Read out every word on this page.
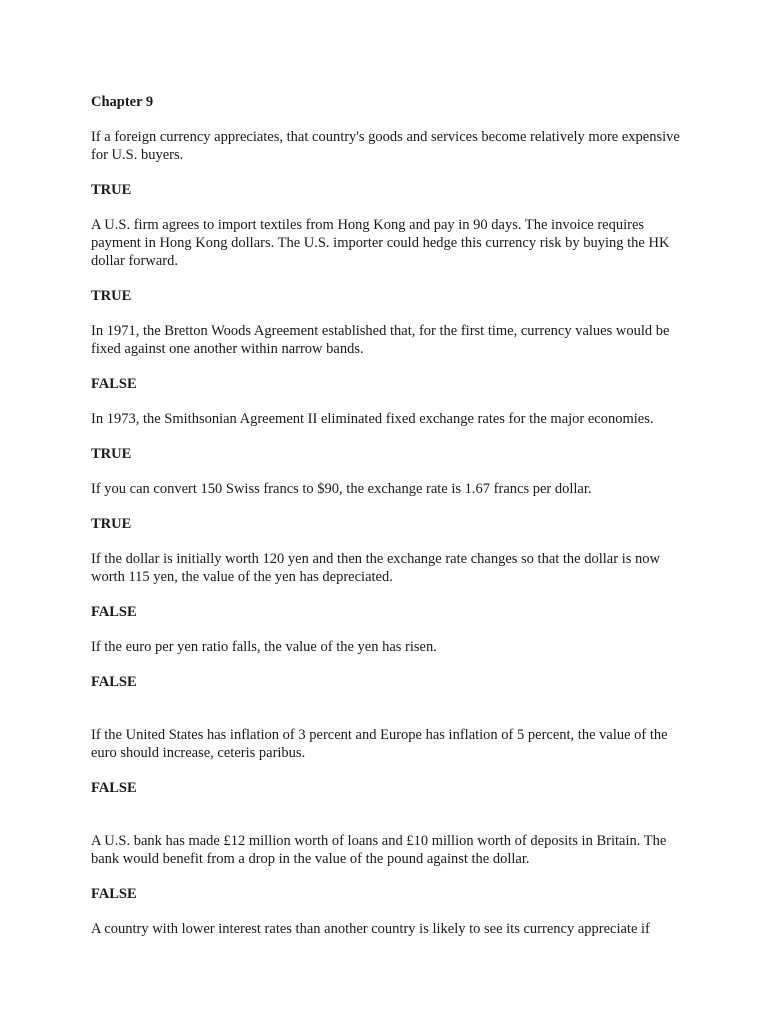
Chapter 9

If a foreign currency appreciates, that country's goods and services become relatively more expensive for U.S. buyers.

TRUE

A U.S. firm agrees to import textiles from Hong Kong and pay in 90 days. The invoice requires payment in Hong Kong dollars. The U.S. importer could hedge this currency risk by buying the HK dollar forward.

TRUE

In 1971, the Bretton Woods Agreement established that, for the first time, currency values would be fixed against one another within narrow bands.

FALSE

In 1973, the Smithsonian Agreement II eliminated fixed exchange rates for the major economies.

TRUE

If you can convert 150 Swiss francs to $90, the exchange rate is 1.67 francs per dollar.

TRUE

If the dollar is initially worth 120 yen and then the exchange rate changes so that the dollar is now worth 115 yen, the value of the yen has depreciated.

FALSE

If the euro per yen ratio falls, the value of the yen has risen.

FALSE

If the United States has inflation of 3 percent and Europe has inflation of 5 percent, the value of the euro should increase, ceteris paribus.

FALSE

A U.S. bank has made £12 million worth of loans and £10 million worth of deposits in Britain. The bank would benefit from a drop in the value of the pound against the dollar.

FALSE

A country with lower interest rates than another country is likely to see its currency appreciate if
